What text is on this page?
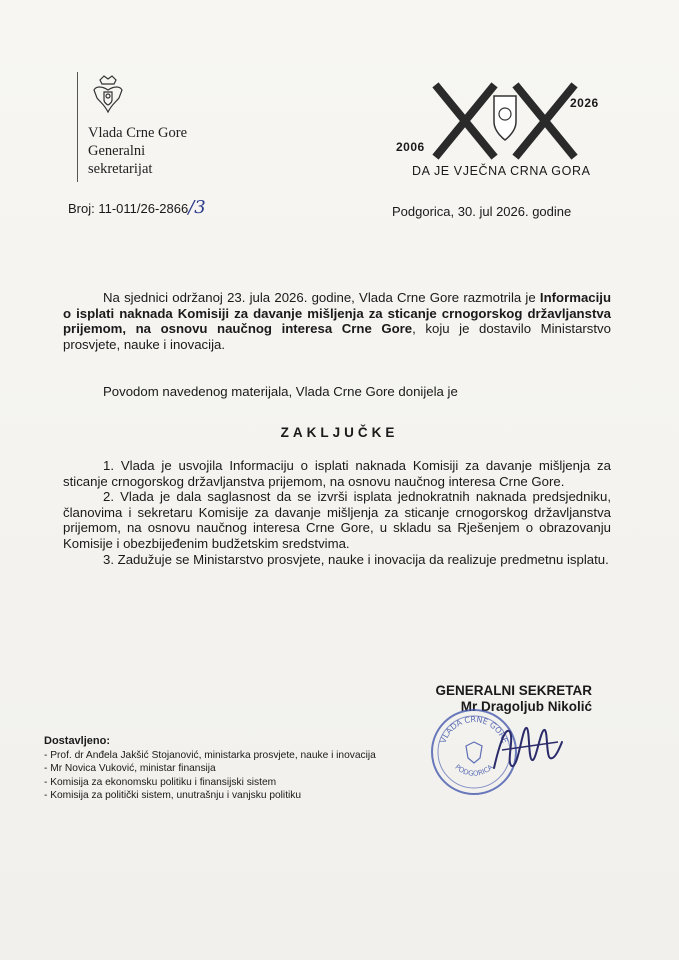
Vlada Crne Gore
Generalni
sekretarijat
2006
2026
DA JE VJEČNA CRNA GORA
Broj: 11-011/26-2866/3	Podgorica, 30. jul 2026. godine

Na sjednici održanoj 23. jula 2026. godine, Vlada Crne Gore razmotrila je Informaciju o isplati naknada Komisiji za davanje mišljenja za sticanje crnogorskog državljanstva prijemom, na osnovu naučnog interesa Crne Gore, koju je dostavilo Ministarstvo prosvjete, nauke i inovacija.

Povodom navedenog materijala, Vlada Crne Gore donijela je

ZAKLJUČKE

1. Vlada je usvojila Informaciju o isplati naknada Komisiji za davanje mišljenja za sticanje crnogorskog državljanstva prijemom, na osnovu naučnog interesa Crne Gore.

2. Vlada je dala saglasnost da se izvrši isplata jednokratnih naknada predsjedniku, članovima i sekretaru Komisije za davanje mišljenja za sticanje crnogorskog državljanstva prijemom, na osnovu naučnog interesa Crne Gore, u skladu sa Rješenjem o obrazovanju Komisije i obezbijeđenim budžetskim sredstvima.

3. Zadužuje se Ministarstvo prosvjete, nauke i inovacija da realizuje predmetnu isplatu.

GENERALNI SEKRETAR
Mr Dragoljub Nikolić
VLADA CRNE GORE
PODGORICA
Dostavljeno:
- Prof. dr Anđela Jakšić Stojanović, ministarka prosvjete, nauke i inovacija
- Mr Novica Vuković, ministar finansija
- Komisija za ekonomsku politiku i finansijski sistem
- Komisija za politički sistem, unutrašnju i vanjsku politiku
